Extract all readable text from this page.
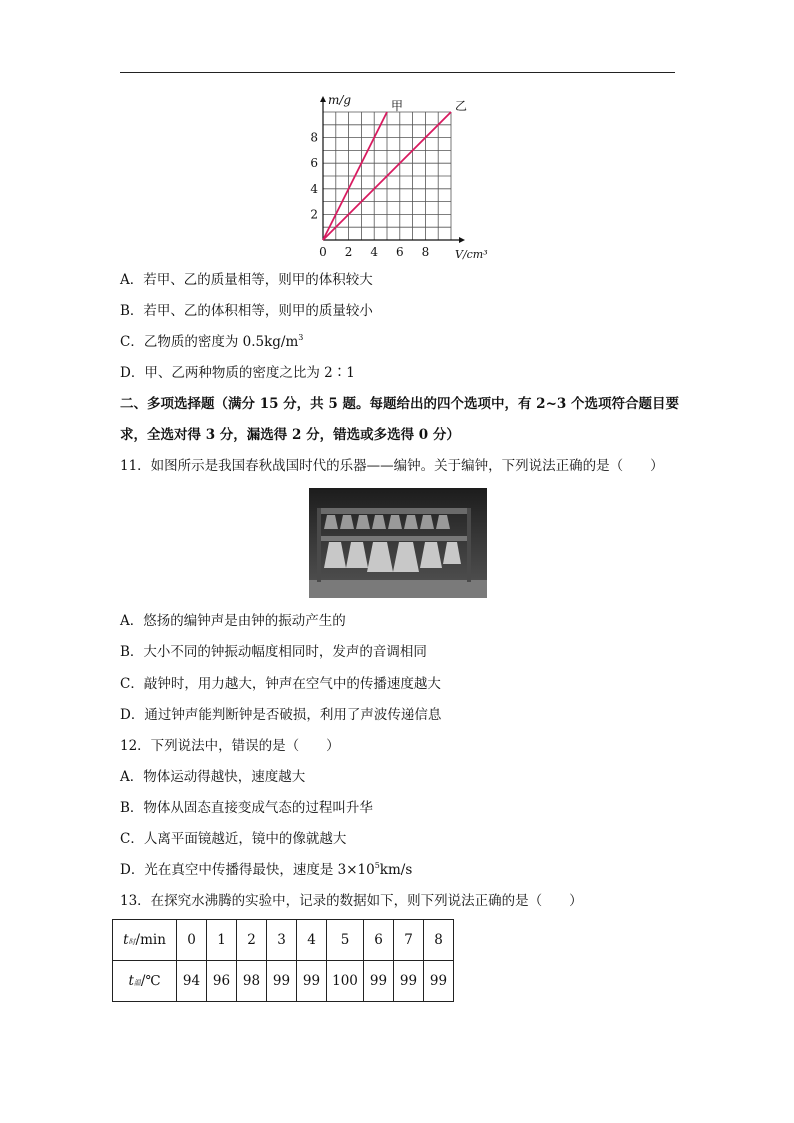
甲	乙
0 2 4 6 8
2
4
6
8
m/g
V/cm³
A．若甲、乙的质量相等，则甲的体积较大
B．若甲、乙的体积相等，则甲的质量较小
C．乙物质的密度为 $0.5kg/m^3$
D．甲、乙两种物质的密度之比为 2∶1
二、多项选择题（满分 15 分，共 5 题。每题给出的四个选项中，有 2~3 个选项符合题目要
求，全选对得 3 分，漏选得 2 分，错选或多选得 0 分）
11．如图所示是我国春秋战国时代的乐器——编钟。关于编钟，下列说法正确的是（　　）
A．悠扬的编钟声是由钟的振动产生的
B．大小不同的钟振动幅度相同时，发声的音调相同
C．敲钟时，用力越大，钟声在空气中的传播速度越大
D．通过钟声能判断钟是否破损，利用了声波传递信息
12．下列说法中，错误的是（　　）
A．物体运动得越快，速度越大
B．物体从固态直接变成气态的过程叫升华
C．人离平面镜越近，镜中的像就越大
D．光在真空中传播得最快，速度是 $3\times 10^5km/s$
13．在探究水沸腾的实验中，记录的数据如下，则下列说法正确的是（　　）
t时/min	0	1	2	3	4	5	6	7	8
t温/℃	94	96	98	99	99	100	99	99	99
